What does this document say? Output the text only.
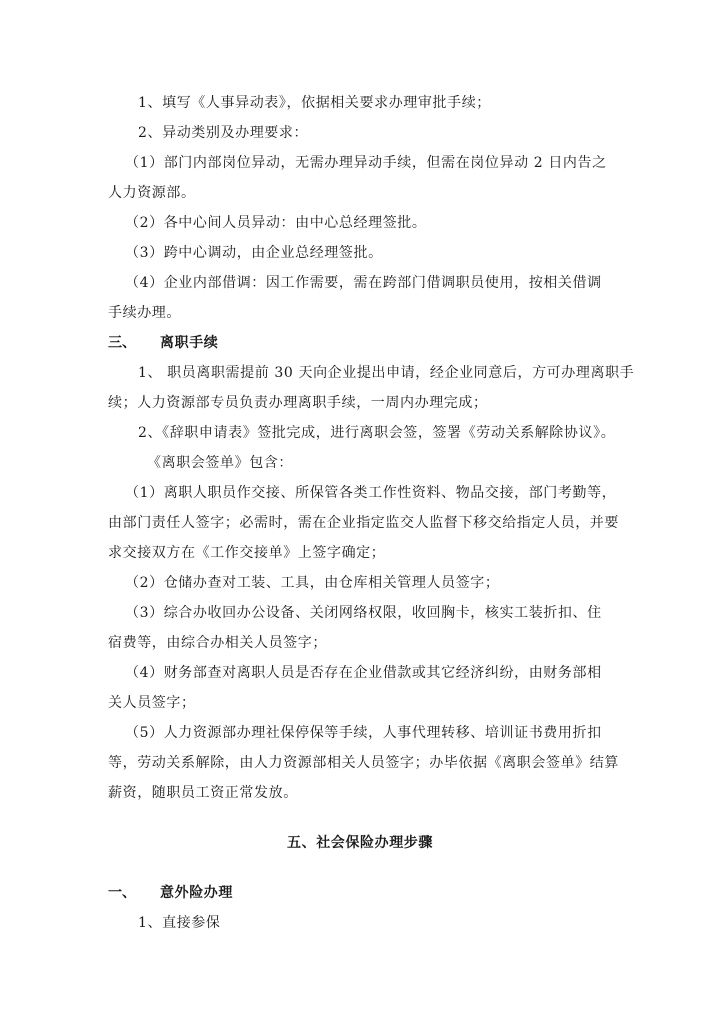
1、填写《人事异动表》，依据相关要求办理审批手续；
2、异动类别及办理要求：
（1）部门内部岗位异动，无需办理异动手续，但需在岗位异动 2 日内告之
人力资源部。
（2）各中心间人员异动：由中心总经理签批。
（3）跨中心调动，由企业总经理签批。
（4）企业内部借调：因工作需要，需在跨部门借调职员使用，按相关借调
手续办理。
三、 离职手续
1、 职员离职需提前 30 天向企业提出申请，经企业同意后，方可办理离职手
续；人力资源部专员负责办理离职手续，一周内办理完成；
2、《辞职申请表》签批完成，进行离职会签，签署《劳动关系解除协议》。
《离职会签单》包含：
（1）离职人职员作交接、所保管各类工作性资料、物品交接，部门考勤等，
由部门责任人签字；必需时，需在企业指定监交人监督下移交给指定人员，并要
求交接双方在《工作交接单》上签字确定；
（2）仓储办查对工装、工具，由仓库相关管理人员签字；
（3）综合办收回办公设备、关闭网络权限，收回胸卡，核实工装折扣、住
宿费等，由综合办相关人员签字；
（4）财务部查对离职人员是否存在企业借款或其它经济纠纷，由财务部相
关人员签字；
（5）人力资源部办理社保停保等手续，人事代理转移、培训证书费用折扣
等，劳动关系解除，由人力资源部相关人员签字；办毕依据《离职会签单》结算
薪资，随职员工资正常发放。
五、社会保险办理步骤
一、 意外险办理
1、直接参保
